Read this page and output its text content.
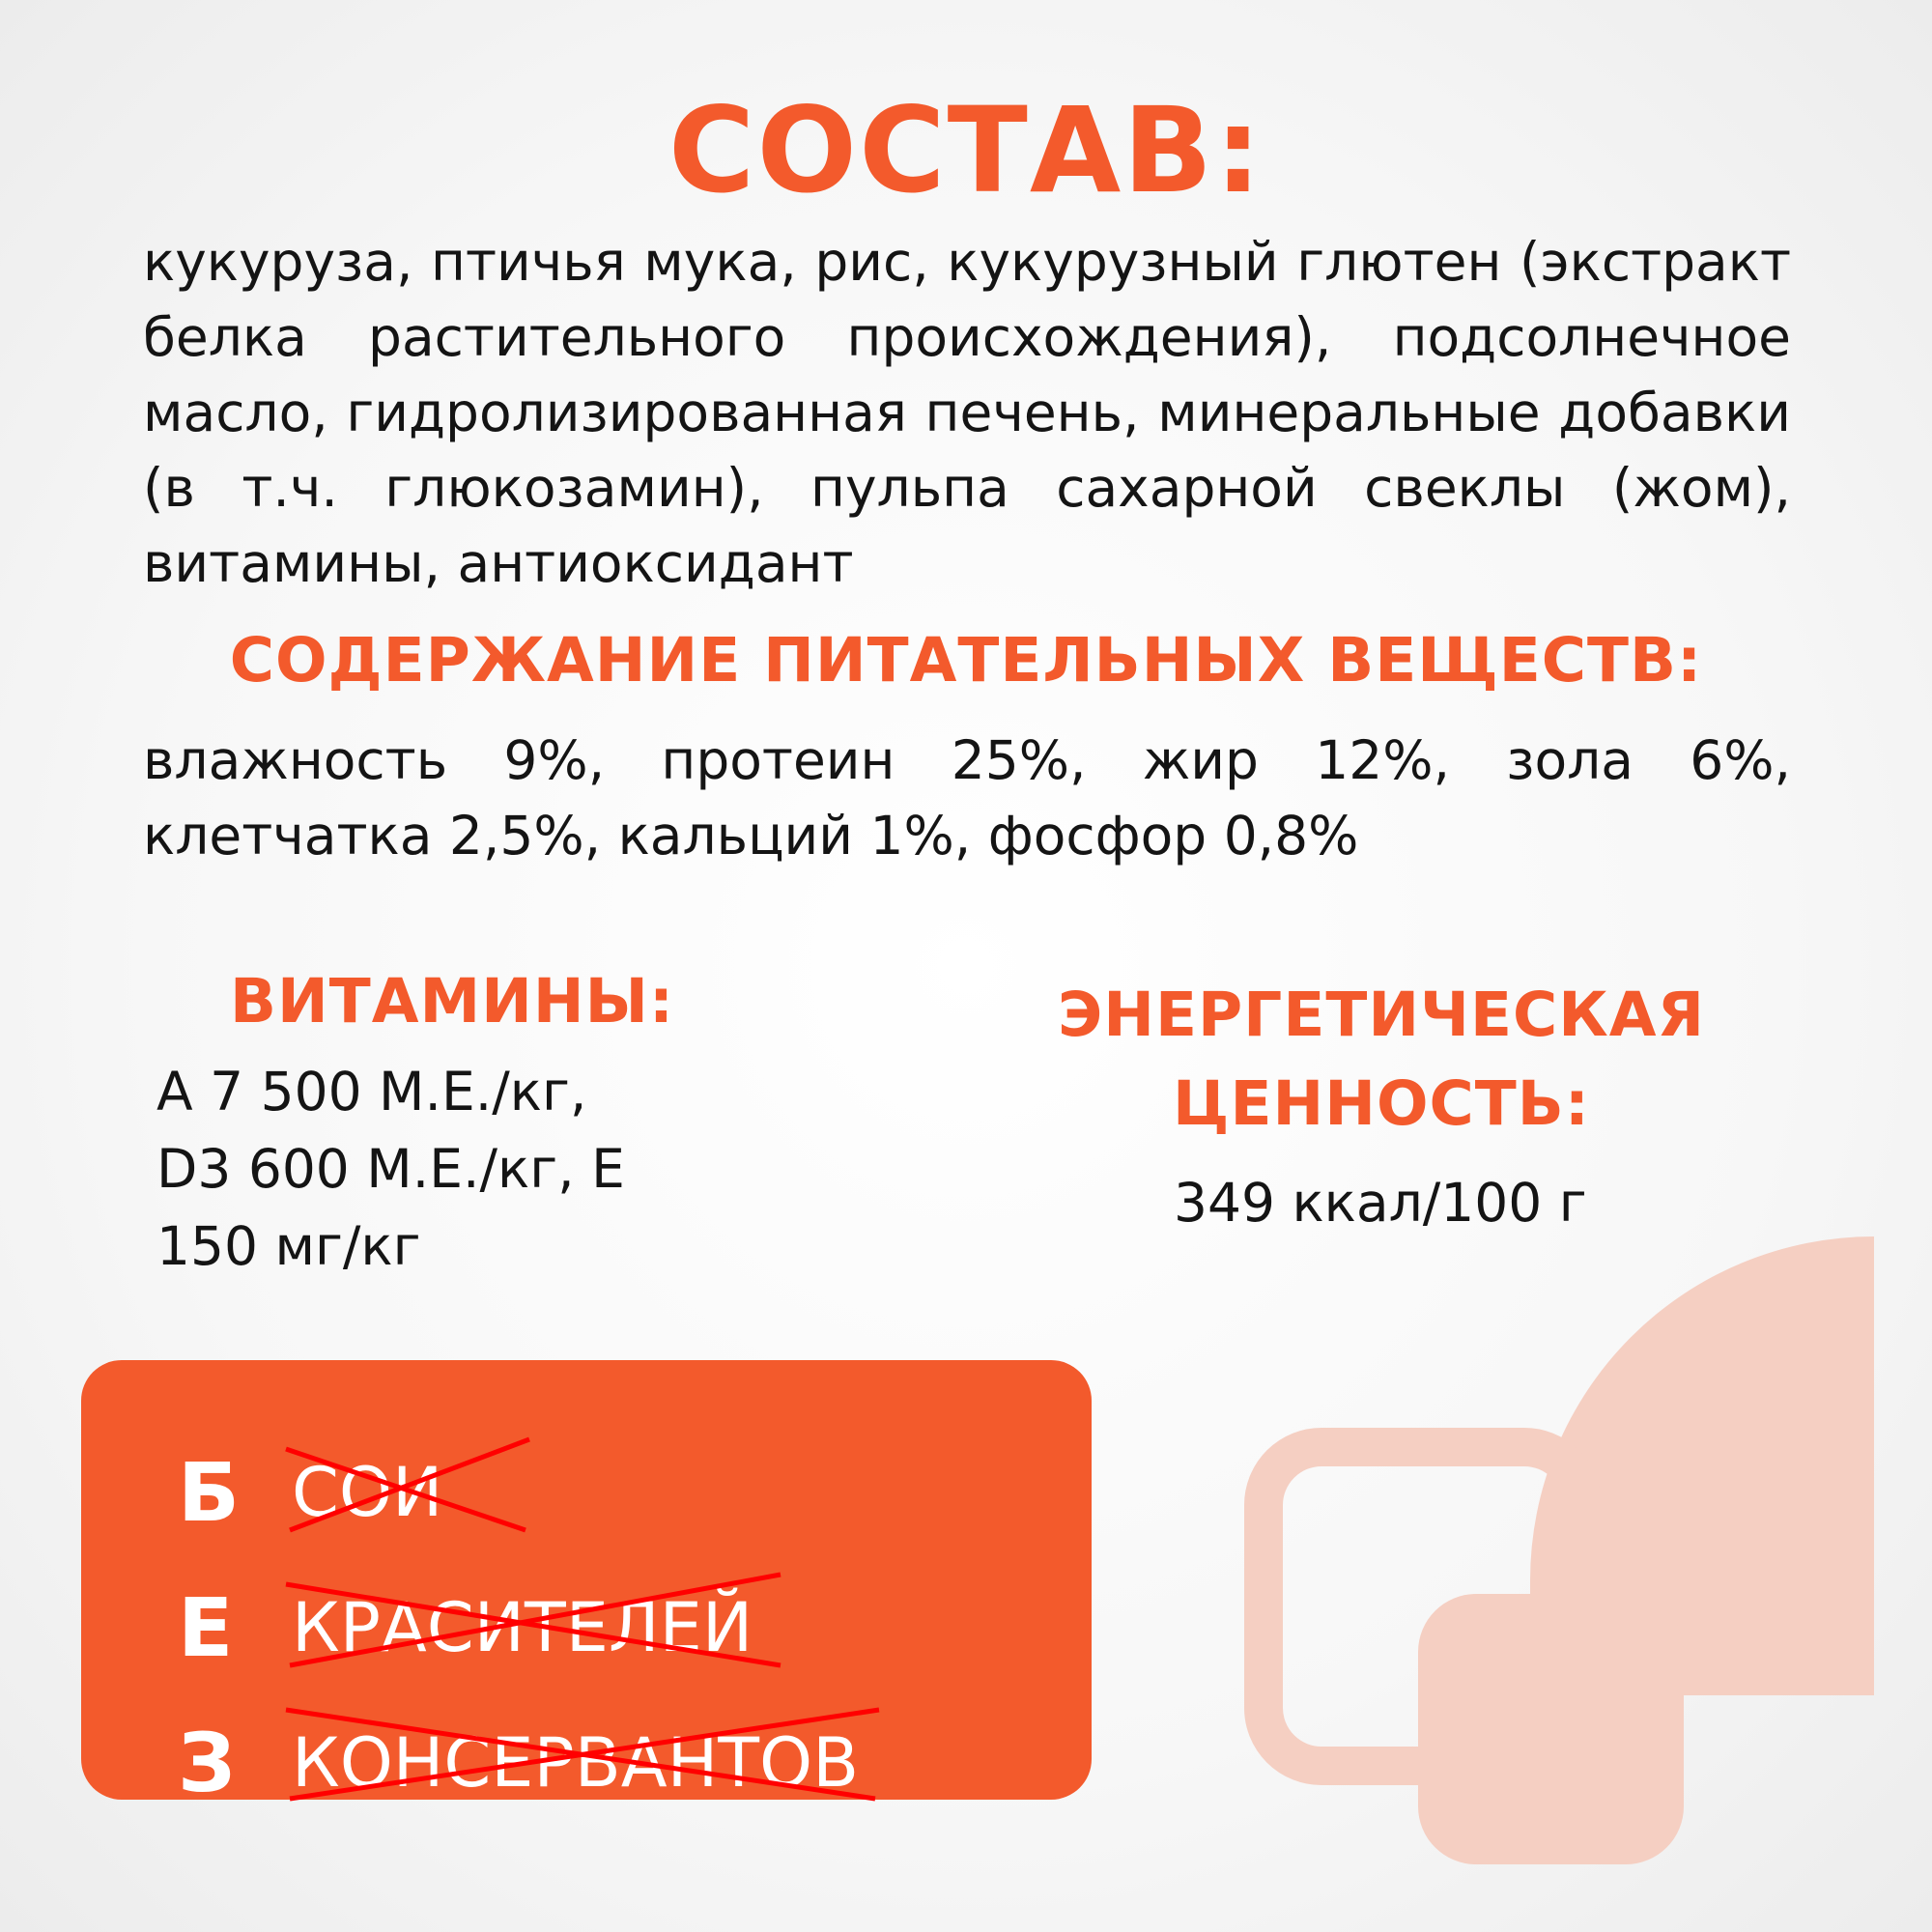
СОСТАВ:
кукуруза, птичья мука, рис, кукурузный глютен (экстракт белка растительного происхождения), подсолнечное масло, гидролизированная печень, минеральные добавки (в т.ч. глюкозамин), пульпа сахарной свеклы (жом), витамины, антиоксидант
СОДЕРЖАНИЕ ПИТАТЕЛЬНЫХ ВЕЩЕСТВ:
влажность 9%, протеин 25%, жир 12%, зола 6%, клетчатка 2,5%, кальций 1%, фосфор 0,8%
ВИТАМИНЫ:
А 7 500 М.Е./кг, D3 600 М.Е./кг, Е 150 мг/кг
ЭНЕРГЕТИЧЕСКАЯ
ЦЕННОСТЬ:
349 ккал/100 г
Б СОИ
Е КРАСИТЕЛЕЙ
З КОНСЕРВАНТОВ
